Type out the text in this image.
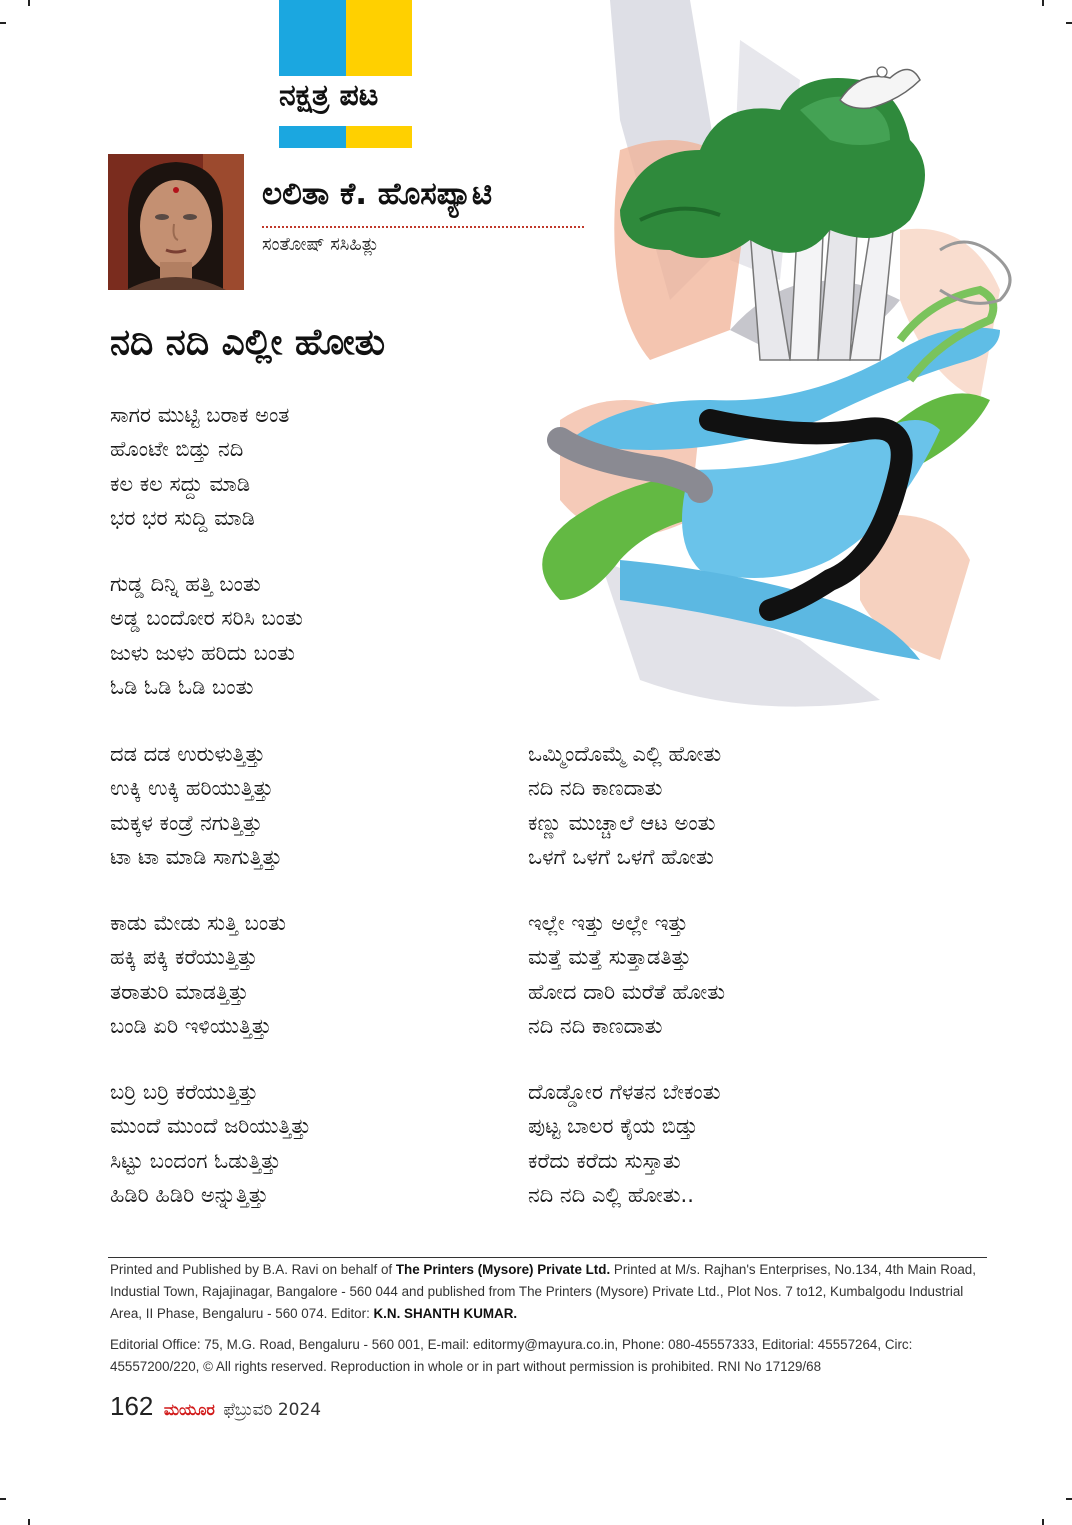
ನಕ್ಷತ್ರ ಪಟ
ಲಲಿತಾ ಕೆ. ಹೊಸಪ್ಯಾಟಿ
ಸಂತೋಷ್ ಸಸಿಹಿತ್ಲು
ನದಿ ನದಿ ಎಲ್ಲೀ ಹೋತು
ಸಾಗರ ಮುಟ್ಟಿ ಬರಾಕ ಅಂತ
ಹೊಂಟೇ ಬಿಡ್ತು ನದಿ
ಕಲ ಕಲ ಸದ್ದು ಮಾಡಿ
ಭರ ಭರ ಸುದ್ದಿ ಮಾಡಿ
ಗುಡ್ಡ ದಿನ್ನಿ ಹತ್ತಿ ಬಂತು
ಅಡ್ಡ ಬಂದೋರ ಸರಿಸಿ ಬಂತು
ಜುಳು ಜುಳು ಹರಿದು ಬಂತು
ಓಡಿ ಓಡಿ ಓಡಿ ಬಂತು
ದಡ ದಡ ಉರುಳುತ್ತಿತ್ತು
ಉಕ್ಕಿ ಉಕ್ಕಿ ಹರಿಯುತ್ತಿತ್ತು
ಮಕ್ಕಳ ಕಂಡ್ರೆ ನಗುತ್ತಿತ್ತು
ಟಾ ಟಾ ಮಾಡಿ ಸಾಗುತ್ತಿತ್ತು
ಕಾಡು ಮೇಡು ಸುತ್ತಿ ಬಂತು
ಹಕ್ಕಿ ಪಕ್ಕಿ ಕರೆಯುತ್ತಿತ್ತು
ತರಾತುರಿ ಮಾಡತ್ತಿತ್ತು
ಬಂಡಿ ಏರಿ ಇಳಿಯುತ್ತಿತ್ತು
ಬರ್ರಿ ಬರ್ರಿ ಕರೆಯುತ್ತಿತ್ತು
ಮುಂದೆ ಮುಂದೆ ಜರಿಯುತ್ತಿತ್ತು
ಸಿಟ್ಟು ಬಂದಂಗ ಓಡುತ್ತಿತ್ತು
ಹಿಡಿರಿ ಹಿಡಿರಿ ಅನ್ನುತ್ತಿತ್ತು
ಒಮ್ಮಿಂದೊಮ್ಮೆ ಎಲ್ಲಿ ಹೋತು
ನದಿ ನದಿ ಕಾಣದಾತು
ಕಣ್ಣು ಮುಚ್ಚಾಲೆ ಆಟ ಅಂತು
ಒಳಗೆ ಒಳಗೆ ಒಳಗೆ ಹೋತು
ಇಲ್ಲೇ ಇತ್ತು ಅಲ್ಲೇ ಇತ್ತು
ಮತ್ತೆ ಮತ್ತೆ ಸುತ್ತಾಡತಿತ್ತು
ಹೋದ ದಾರಿ ಮರೆತೆ ಹೋತು
ನದಿ ನದಿ ಕಾಣದಾತು
ದೊಡ್ಡೋರ ಗೆಳತನ ಬೇಕಂತು
ಪುಟ್ಟ ಬಾಲರ ಕೈಯ ಬಿಡ್ತು
ಕರೆದು ಕರೆದು ಸುಸ್ತಾತು
ನದಿ ನದಿ ಎಲ್ಲಿ ಹೋತು..
Printed and Published by B.A. Ravi on behalf of The Printers (Mysore) Private Ltd. Printed at M/s. Rajhan's Enterprises, No.134, 4th Main Road, Industial Town, Rajajinagar, Bangalore - 560 044 and published from The Printers (Mysore) Private Ltd., Plot Nos. 7 to12, Kumbalgodu Industrial Area, II Phase, Bengaluru - 560 074. Editor: K.N. SHANTH KUMAR.
Editorial Office: 75, M.G. Road, Bengaluru - 560 001, E-mail: editormy@mayura.co.in, Phone: 080-45557333, Editorial: 45557264, Circ: 45557200/220, © All rights reserved. Reproduction in whole or in part without permission is prohibited. RNI No 17129/68
162 ಮಯೂರ ಫೆಬ್ರುವರಿ 2024
